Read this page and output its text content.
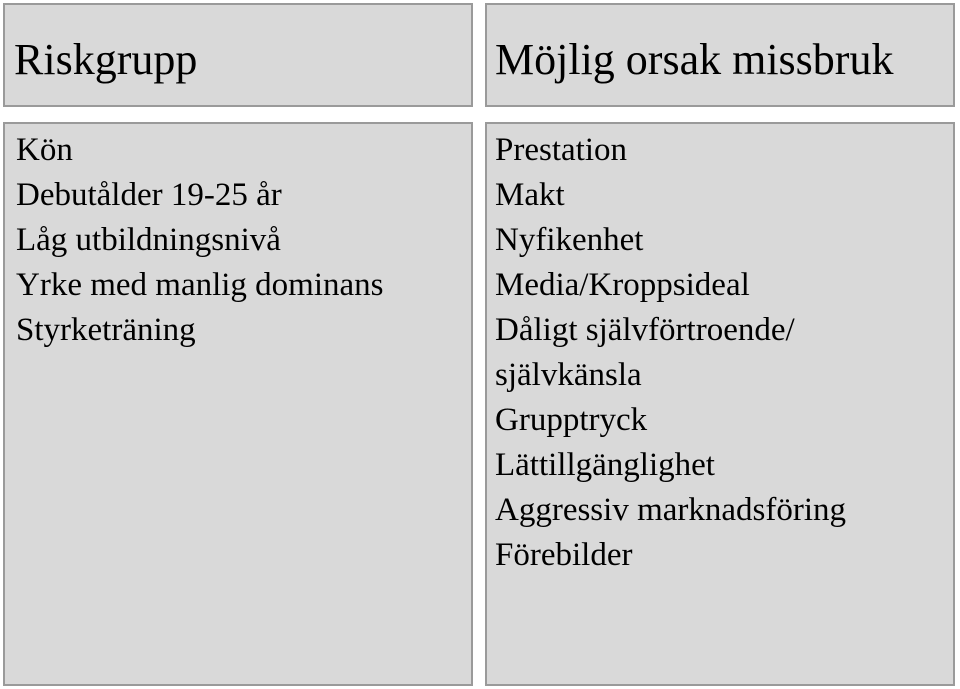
Riskgrupp	Möjlig orsak missbruk
Kön
Debutålder 19-25 år
Låg utbildningsnivå
Yrke med manlig dominans
Styrketräning
Prestation
Makt
Nyfikenhet
Media/Kroppsideal
Dåligt självförtroende/
självkänsla
Grupptryck
Lättillgänglighet
Aggressiv marknadsföring
Förebilder
